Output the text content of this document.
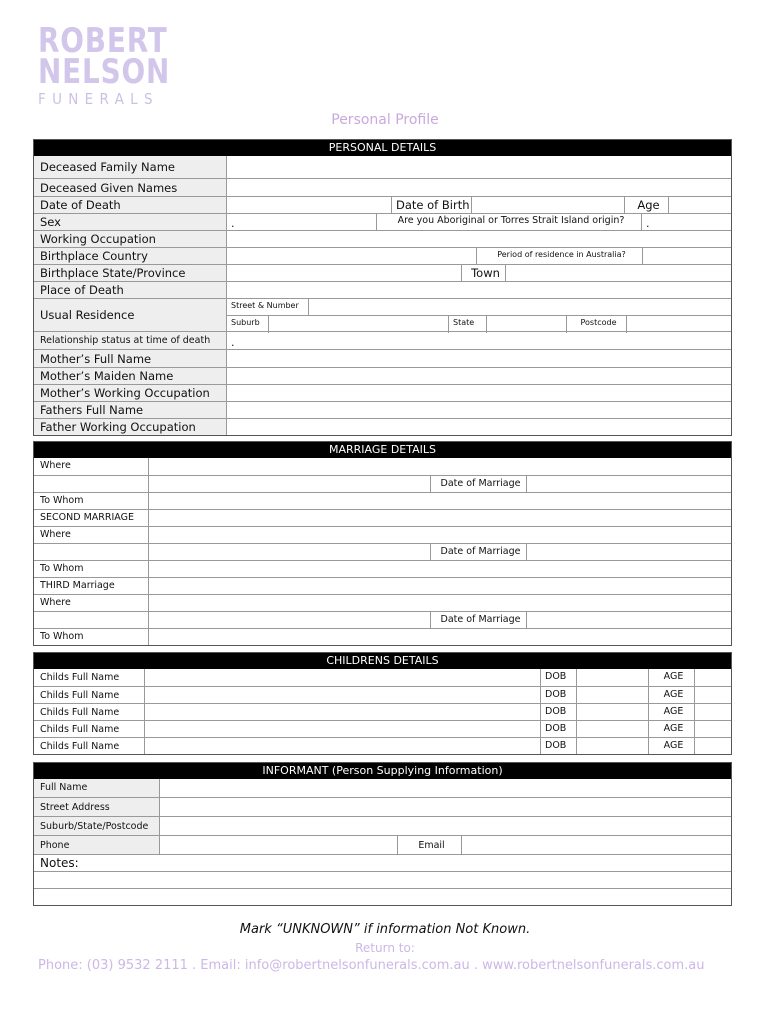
ROBERT
NELSON
FUNERALS
Personal Profile
PERSONAL DETAILS
Deceased Family Name
Deceased Given Names
Date of Death	Date of Birth	Age
Sex	.	Are you Aboriginal or Torres Strait Island origin?	.
Working Occupation
Birthplace Country	Period of residence in Australia?
Birthplace State/Province	Town
Place of Death
Usual Residence
Street & Number
Suburb	State	Postcode
Relationship status at time of death	.
Mother’s Full Name
Mother’s Maiden Name
Mother’s Working Occupation
Fathers Full Name
Father Working Occupation
MARRIAGE DETAILS
Where
Date of Marriage
To Whom
SECOND MARRIAGE
Where
Date of Marriage
To Whom
THIRD Marriage
Where
Date of Marriage
To Whom
CHILDRENS DETAILS
Childs Full Name	DOB	AGE
Childs Full Name	DOB	AGE
Childs Full Name	DOB	AGE
Childs Full Name	DOB	AGE
Childs Full Name	DOB	AGE
INFORMANT (Person Supplying Information)
Full Name
Street Address
Suburb/State/Postcode
Phone	Email
Notes:
Mark “UNKNOWN” if information Not Known.
Return to:
Phone: (03) 9532 2111 . Email: info@robertnelsonfunerals.com.au . www.robertnelsonfunerals.com.au
